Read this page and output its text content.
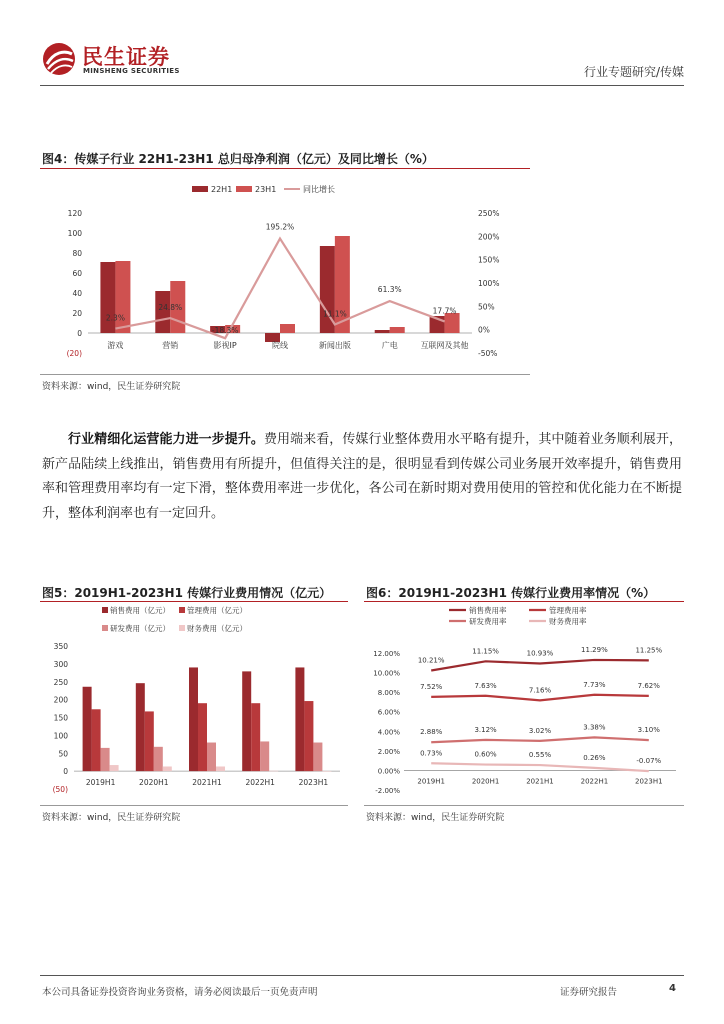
民生证券
MINSHENG SECURITIES	行业专题研究/传媒
图4：传媒子行业 22H1-23H1 总归母净利润（亿元）及同比增长（%）
22H1	23H1	同比增长
(20)
0
20
40
60
80
100
120
-50%
0%
50%
100%
150%
200%
250%
游戏	营销	影视IP	院线	新闻出版	广电	互联网及其他
2.3%
24.8%
-18.3%
195.2%
11.1%
61.3%
17.7%
资料来源：wind，民生证券研究院
行业精细化运营能力进一步提升。费用端来看，传媒行业整体费用水平略有提升，其中随着业务顺利展开，新产品陆续上线推出，销售费用有所提升，但值得关注的是，很明显看到传媒公司业务展开效率提升，销售费用率和管理费用率均有一定下滑，整体费用率进一步优化，各公司在新时期对费用使用的管控和优化能力在不断提升，整体利润率也有一定回升。
图5：2019H1-2023H1 传媒行业费用情况（亿元）
销售费用（亿元） 管理费用（亿元）
研发费用（亿元） 财务费用（亿元）
(50)
0
50
100
150
200
250
300
350
2019H1	2020H1	2021H1	2022H1	2023H1
资料来源：wind，民生证券研究院
图6：2019H1-2023H1 传媒行业费用率情况（%）
销售费用率	管理费用率
研发费用率	财务费用率
-2.00%
0.00%
2.00%
4.00%
6.00%
8.00%
10.00%
12.00%
2019H1	2020H1	2021H1	2022H1	2023H1
10.21%
11.15%	10.93%	11.29%	11.25%
7.52%	7.63%
7.16%
7.73%	7.62%
2.88%	3.12%	3.02%	3.38%	3.10%
0.73%	0.60%	0.55%	0.26%	-0.07%
资料来源：wind，民生证券研究院
本公司具备证券投资咨询业务资格，请务必阅读最后一页免责声明	证券研究报告	4
